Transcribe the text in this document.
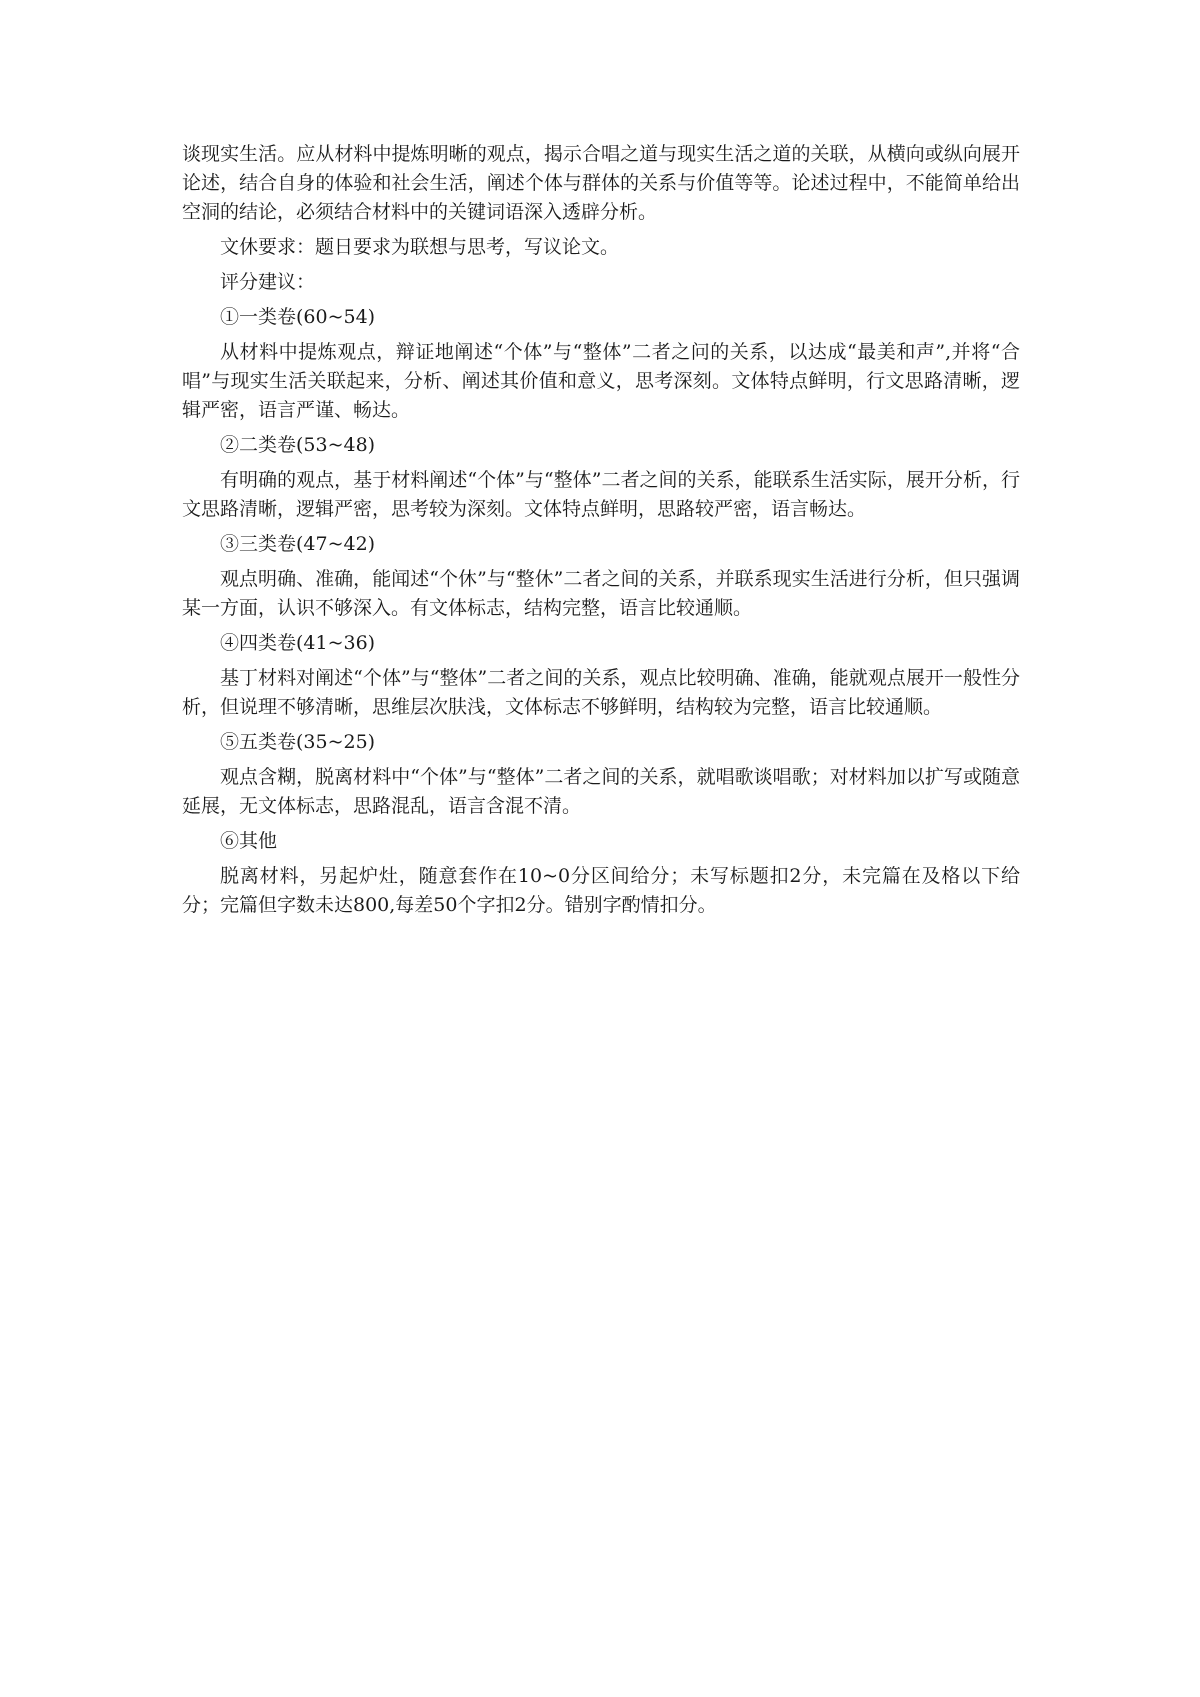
谈现实生活。应从材料中提炼明晰的观点，揭示合唱之道与现实生活之道的关联，从横向或纵向展开论述，结合自身的体验和社会生活，阐述个体与群体的关系与价值等等。论述过程中，不能简单给出空洞的结论，必须结合材料中的关键词语深入透辟分析。

文休要求：题日要求为联想与思考，写议论文。

评分建议：

①一类卷(60~54)

从材料中提炼观点，辩证地阐述“个体”与“整体”二者之问的关系，以达成“最美和声”,并将“合唱”与现实生活关联起来，分析、阐述其价值和意义，思考深刻。文体特点鲜明，行文思路清晰，逻辑严密，语言严谨、畅达。

②二类卷(53~48)

有明确的观点，基于材料阐述“个体”与“整体”二者之间的关系，能联系生活实际，展开分析，行文思路清晰，逻辑严密，思考较为深刻。文体特点鲜明，思路较严密，语言畅达。

③三类卷(47~42)

观点明确、准确，能闻述“个休”与“整休”二者之间的关系，并联系现实生活进行分析，但只强调某一方面，认识不够深入。有文体标志，结构完整，语言比较通顺。

④四类卷(41~36)

基丁材料对阐述“个体”与“整体”二者之间的关系，观点比较明确、准确，能就观点展开一般性分析，但说理不够清晰，思维层次肤浅，文体标志不够鲜明，结构较为完整，语言比较通顺。

⑤五类卷(35~25)

观点含糊，脱离材料中“个体”与“整体”二者之间的关系，就唱歌谈唱歌；对材料加以扩写或随意延展，无文体标志，思路混乱，语言含混不清。

⑥其他

脱离材料，另起炉灶，随意套作在10~0分区间给分；未写标题扣2分，未完篇在及格以下给分；完篇但字数未达800,每差50个字扣2分。错别字酌情扣分。
